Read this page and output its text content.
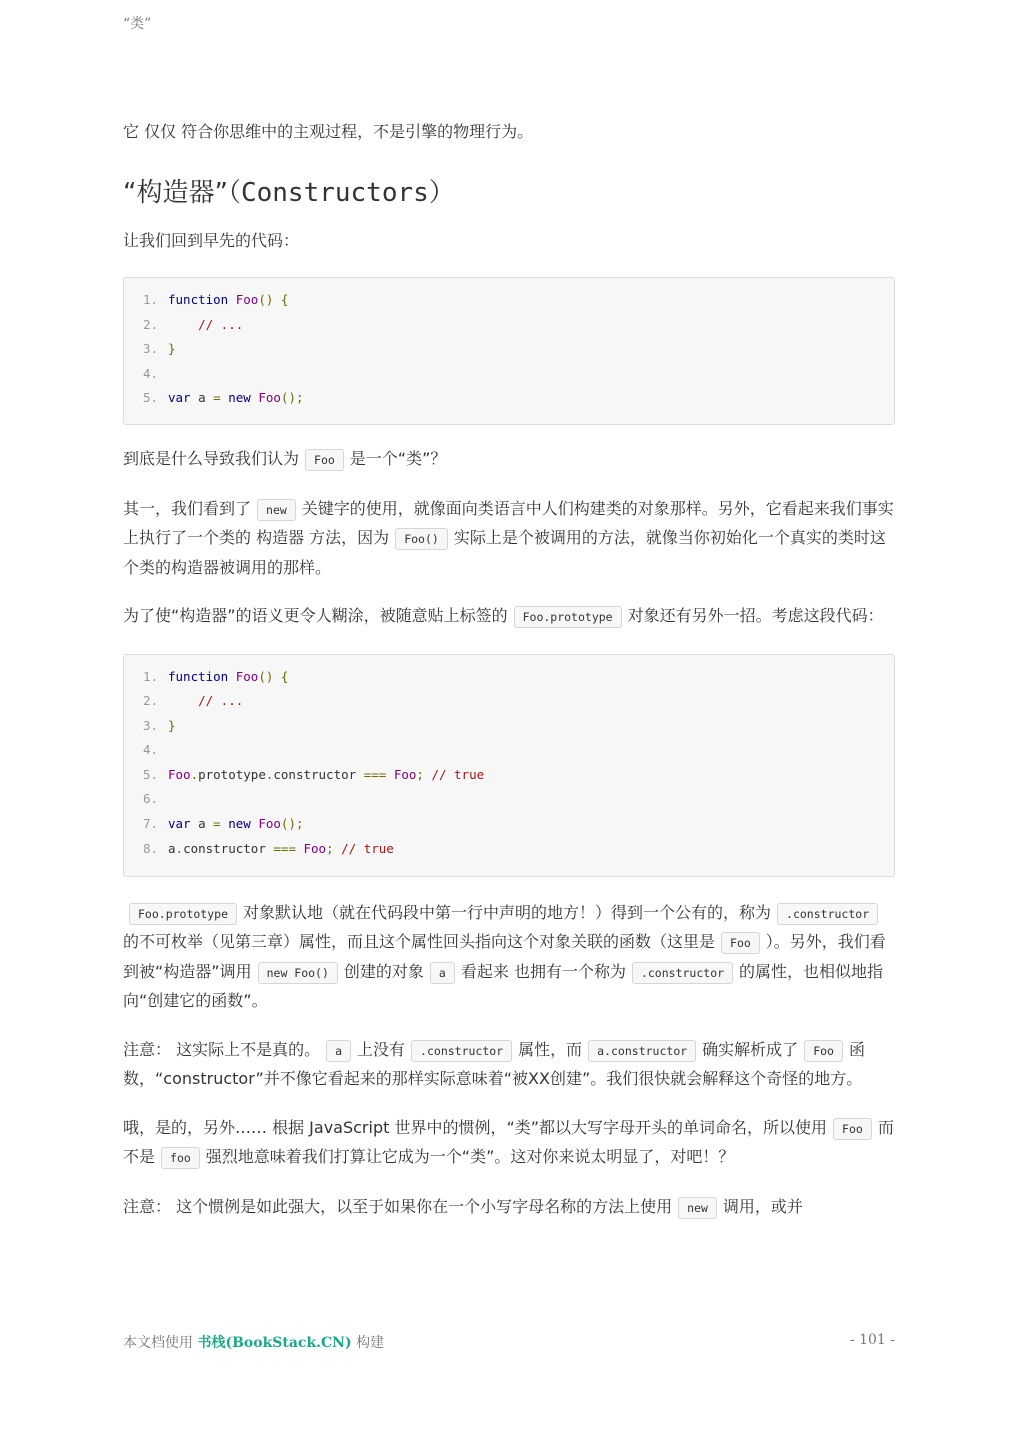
“类”

它 仅仅 符合你思维中的主观过程，不是引擎的物理行为。

“构造器”（Constructors）

让我们回到早先的代码：

1. function Foo() {
2.	// ...
3. }
4.
5. var a = new Foo();

到底是什么导致我们认为 Foo 是一个“类”？

其一，我们看到了 new 关键字的使用，就像面向类语言中人们构建类的对象那样。另外，它看起来我们事实上执行了一个类的 构造器 方法，因为 Foo() 实际上是个被调用的方法，就像当你初始化一个真实的类时这个类的构造器被调用的那样。

为了使“构造器”的语义更令人糊涂，被随意贴上标签的 Foo.prototype 对象还有另外一招。考虑这段代码：

1. function Foo() {
2.	// ...
3. }
4.
5. Foo.prototype.constructor === Foo; // true
6.
7. var a = new Foo();
8. a.constructor === Foo; // true

Foo.prototype 对象默认地（就在代码段中第一行中声明的地方！）得到一个公有的，称为 .constructor的不可枚举（见第三章）属性，而且这个属性回头指向这个对象关联的函数（这里是 Foo ）。另外，我们看到被“构造器”调用 new Foo() 创建的对象 a 看起来 也拥有一个称为 .constructor 的属性，也相似地指向“创建它的函数”。

注意： 这实际上不是真的。 a 上没有 .constructor 属性，而 a.constructor 确实解析成了 Foo 函数，“constructor”并不像它看起来的那样实际意味着“被XX创建”。我们很快就会解释这个奇怪的地方。

哦，是的，另外…… 根据 JavaScript 世界中的惯例，“类”都以大写字母开头的单词命名，所以使用 Foo 而不是 foo 强烈地意味着我们打算让它成为一个“类”。这对你来说太明显了，对吧！？

注意： 这个惯例是如此强大，以至于如果你在一个小写字母名称的方法上使用 new 调用，或并

本文档使用 书栈(BookStack.CN) 构建	- 101 -
